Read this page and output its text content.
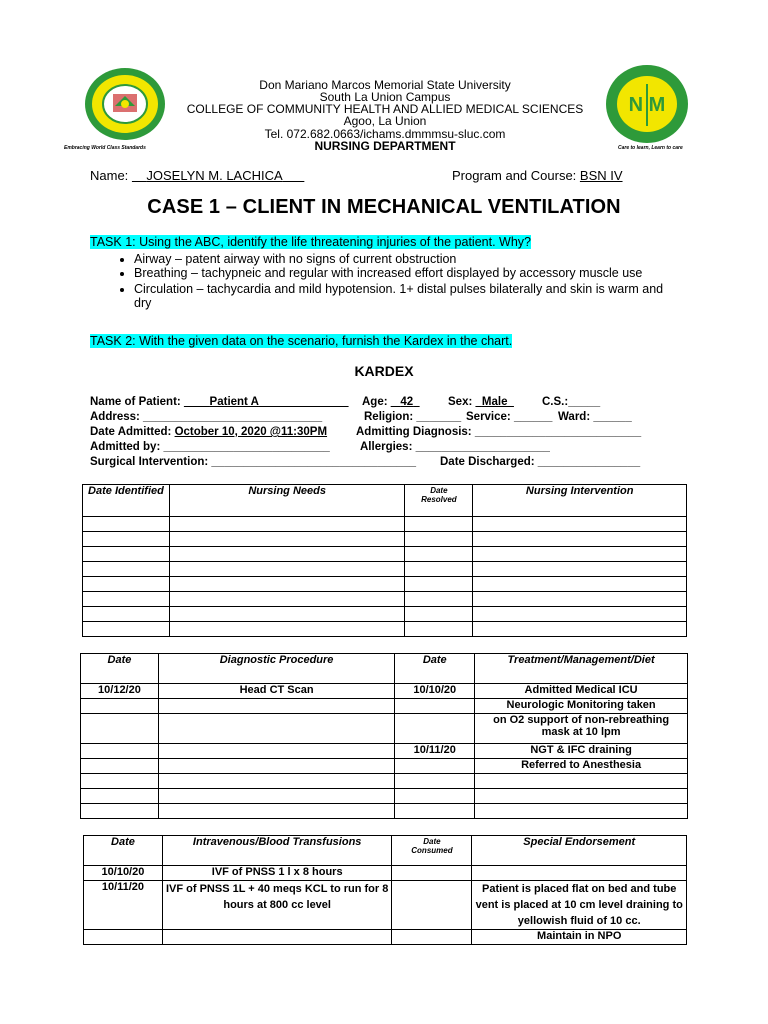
Embracing World Class Standards
N M
Care to learn, Learn to care
Don Mariano Marcos Memorial State University
South La Union Campus
COLLEGE OF COMMUNITY HEALTH AND ALLIED MEDICAL SCIENCES
Agoo, La Union
Tel. 072.682.0663/ichams.dmmmsu-sluc.com
NURSING DEPARTMENT
Name: JOSELYN M. LACHICA	Program and Course: BSN IV
CASE 1 – CLIENT IN MECHANICAL VENTILATION
TASK 1: Using the ABC, identify the life threatening injuries of the patient. Why?
• Airway – patent airway with no signs of current obstruction
• Breathing – tachypneic and regular with increased effort displayed by accessory muscle use
• Circulation – tachycardia and mild hypotension. 1+ distal pulses bilaterally and skin is warm and dry
TASK 2: With the given data on the scenario, furnish the Kardex in the chart.
KARDEX
Name of Patient: ____Patient A______________ Age: _ 42_ Sex: _Male_ C.S.:_____
Address: ____________________________	Religion: _______ Service: ______ Ward: ______
Date Admitted: October 10, 2020 @11:30PM	Admitting Diagnosis: __________________________
Admitted by: __________________________	Allergies: _____________________
Surgical Intervention: ________________________________ Date Discharged: ________________
Date Identified	Nursing Needs	Date Resolved	Nursing Intervention

Date	Diagnostic Procedure	Date	Treatment/Management/Diet
10/12/20	Head CT Scan	10/10/20	Admitted Medical ICU
			Neurologic Monitoring taken
			on O2 support of non-rebreathing mask at 10 lpm
		10/11/20	NGT & IFC draining
			Referred to Anesthesia

Date	Intravenous/Blood Transfusions	Date Consumed	Special Endorsement
10/10/20	IVF of PNSS 1 l x 8 hours		
10/11/20	IVF of PNSS 1L + 40 meqs KCL to run for 8 hours at 800 cc level		Patient is placed flat on bed and tube vent is placed at 10 cm level draining to yellowish fluid of 10 cc.
			Maintain in NPO
